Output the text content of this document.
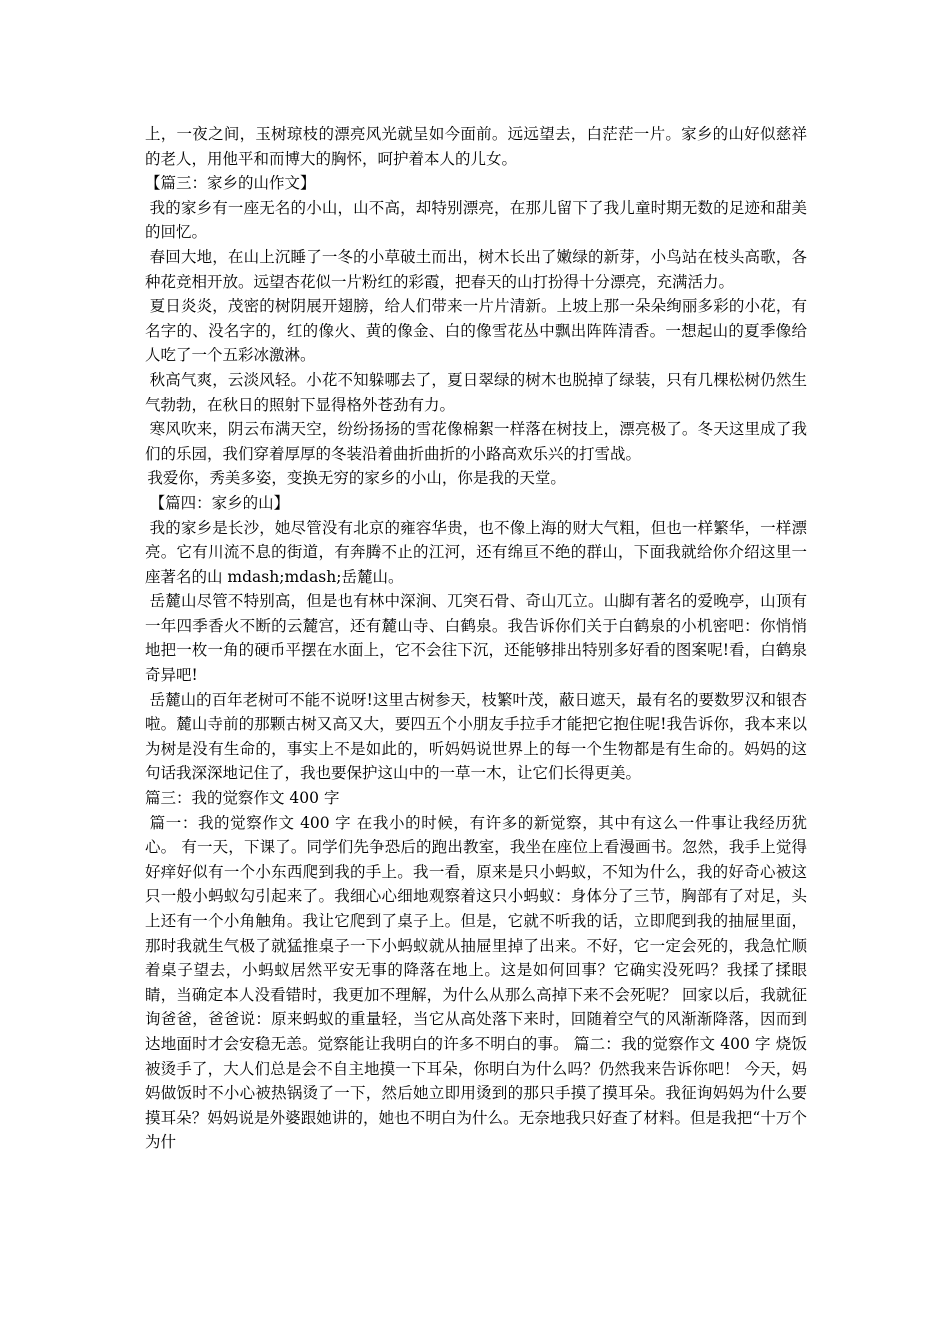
上，一夜之间，玉树琼枝的漂亮风光就呈如今面前。远远望去，白茫茫一片。家乡的山好似慈祥的老人，用他平和而博大的胸怀，呵护着本人的儿女。

【篇三：家乡的山作文】

我的家乡有一座无名的小山，山不高，却特别漂亮，在那儿留下了我儿童时期无数的足迹和甜美的回忆。

春回大地，在山上沉睡了一冬的小草破土而出，树木长出了嫩绿的新芽，小鸟站在枝头高歌，各种花竞相开放。远望杏花似一片粉红的彩霞，把春天的山打扮得十分漂亮，充满活力。

夏日炎炎，茂密的树阴展开翅膀，给人们带来一片片清新。上坡上那一朵朵绚丽多彩的小花，有名字的、没名字的，红的像火、黄的像金、白的像雪花丛中飘出阵阵清香。一想起山的夏季像给人吃了一个五彩冰激淋。

秋高气爽，云淡风轻。小花不知躲哪去了，夏日翠绿的树木也脱掉了绿装，只有几棵松树仍然生气勃勃，在秋日的照射下显得格外苍劲有力。

寒风吹来，阴云布满天空，纷纷扬扬的雪花像棉絮一样落在树技上，漂亮极了。冬天这里成了我们的乐园，我们穿着厚厚的冬装沿着曲折曲折的小路高欢乐兴的打雪战。

我爱你，秀美多姿，变换无穷的家乡的小山，你是我的天堂。

【篇四：家乡的山】

我的家乡是长沙，她尽管没有北京的雍容华贵，也不像上海的财大气粗，但也一样繁华，一样漂亮。它有川流不息的街道，有奔腾不止的江河，还有绵亘不绝的群山，下面我就给你介绍这里一座著名的山 mdash;mdash;岳麓山。

岳麓山尽管不特别高，但是也有林中深涧、兀突石骨、奇山兀立。山脚有著名的爱晚亭，山顶有一年四季香火不断的云麓宫，还有麓山寺、白鹤泉。我告诉你们关于白鹤泉的小机密吧：你悄悄地把一枚一角的硬币平摆在水面上，它不会往下沉，还能够排出特别多好看的图案呢!看，白鹤泉奇异吧!

岳麓山的百年老树可不能不说呀!这里古树参天，枝繁叶茂，蔽日遮天，最有名的要数罗汉和银杏啦。麓山寺前的那颗古树又高又大，要四五个小朋友手拉手才能把它抱住呢!我告诉你，我本来以为树是没有生命的，事实上不是如此的，听妈妈说世界上的每一个生物都是有生命的。妈妈的这句话我深深地记住了，我也要保护这山中的一草一木，让它们长得更美。

篇三：我的觉察作文 400 字

篇一：我的觉察作文 400 字 在我小的时候，有许多的新觉察，其中有这么一件事让我经历犹心。 有一天，下课了。同学们先争恐后的跑出教室，我坐在座位上看漫画书。忽然，我手上觉得好痒好似有一个小东西爬到我的手上。我一看，原来是只小蚂蚁，不知为什么，我的好奇心被这只一般小蚂蚁勾引起来了。我细心心细地观察着这只小蚂蚁：身体分了三节，胸部有了对足，头上还有一个小角触角。我让它爬到了桌子上。但是，它就不听我的话，立即爬到我的抽屉里面，那时我就生气极了就猛推桌子一下小蚂蚁就从抽屉里掉了出来。不好，它一定会死的，我急忙顺着桌子望去，小蚂蚁居然平安无事的降落在地上。这是如何回事？它确实没死吗？我揉了揉眼睛，当确定本人没看错时，我更加不理解，为什么从那么高掉下来不会死呢？ 回家以后，我就征询爸爸，爸爸说：原来蚂蚁的重量轻，当它从高处落下来时，回随着空气的风渐渐降落，因而到达地面时才会安稳无恙。觉察能让我明白的许多不明白的事。 篇二：我的觉察作文 400 字 烧饭被烫手了，大人们总是会不自主地摸一下耳朵，你明白为什么吗？仍然我来告诉你吧！ 今天，妈妈做饭时不小心被热锅烫了一下，然后她立即用烫到的那只手摸了摸耳朵。我征询妈妈为什么要摸耳朵？妈妈说是外婆跟她讲的，她也不明白为什么。无奈地我只好查了材料。但是我把“十万个为什
